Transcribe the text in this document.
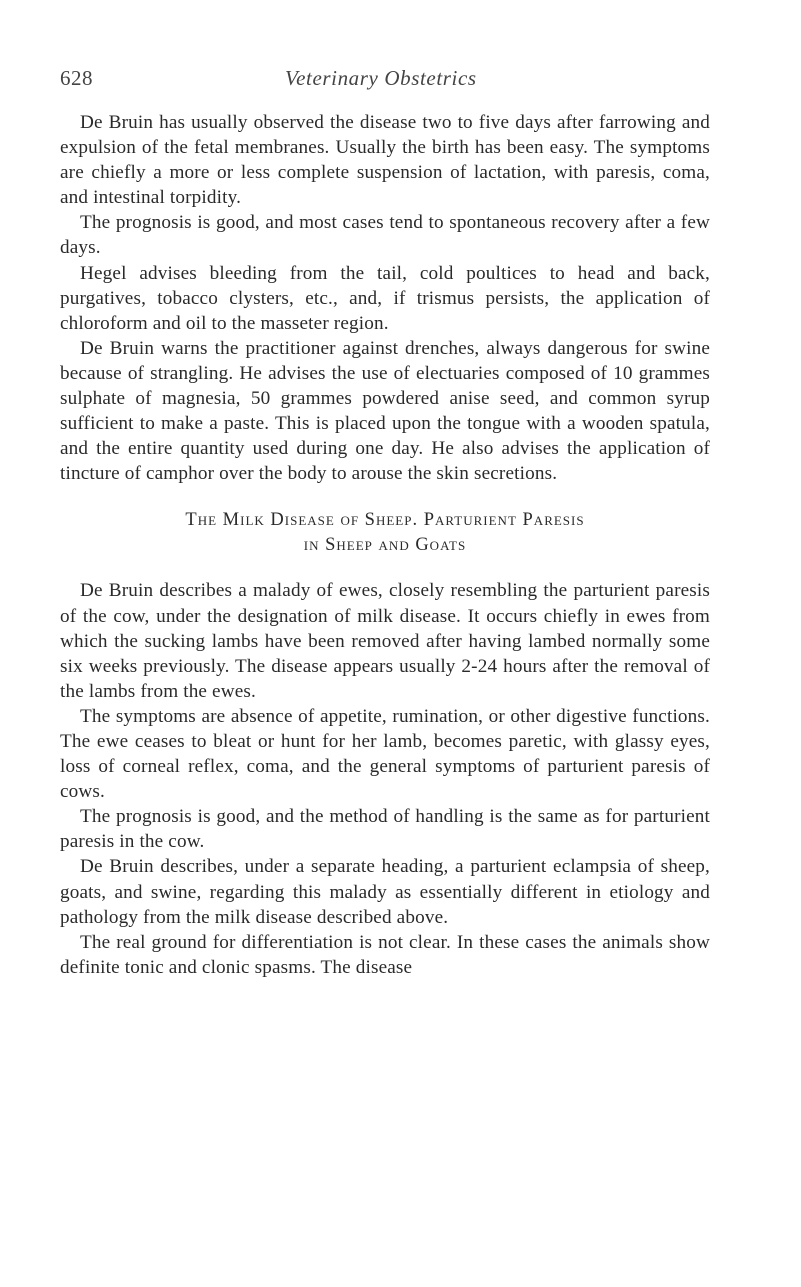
628	Veterinary Obstetrics

De Bruin has usually observed the disease two to five days after farrowing and expulsion of the fetal membranes. Usually the birth has been easy. The symptoms are chiefly a more or less complete suspension of lactation, with paresis, coma, and intestinal torpidity.

The prognosis is good, and most cases tend to spontaneous recovery after a few days.

Hegel advises bleeding from the tail, cold poultices to head and back, purgatives, tobacco clysters, etc., and, if trismus persists, the application of chloroform and oil to the masseter region.

De Bruin warns the practitioner against drenches, always dangerous for swine because of strangling. He advises the use of electuaries composed of 10 grammes sulphate of magnesia, 50 grammes powdered anise seed, and common syrup sufficient to make a paste. This is placed upon the tongue with a wooden spatula, and the entire quantity used during one day. He also advises the application of tincture of camphor over the body to arouse the skin secretions.

The Milk Disease of Sheep. Parturient Paresis
in Sheep and Goats

De Bruin describes a malady of ewes, closely resembling the parturient paresis of the cow, under the designation of milk disease. It occurs chiefly in ewes from which the sucking lambs have been removed after having lambed normally some six weeks previously. The disease appears usually 2-24 hours after the removal of the lambs from the ewes.

The symptoms are absence of appetite, rumination, or other digestive functions. The ewe ceases to bleat or hunt for her lamb, becomes paretic, with glassy eyes, loss of corneal reflex, coma, and the general symptoms of parturient paresis of cows.

The prognosis is good, and the method of handling is the same as for parturient paresis in the cow.

De Bruin describes, under a separate heading, a parturient eclampsia of sheep, goats, and swine, regarding this malady as essentially different in etiology and pathology from the milk disease described above.

The real ground for differentiation is not clear. In these cases the animals show definite tonic and clonic spasms. The disease
